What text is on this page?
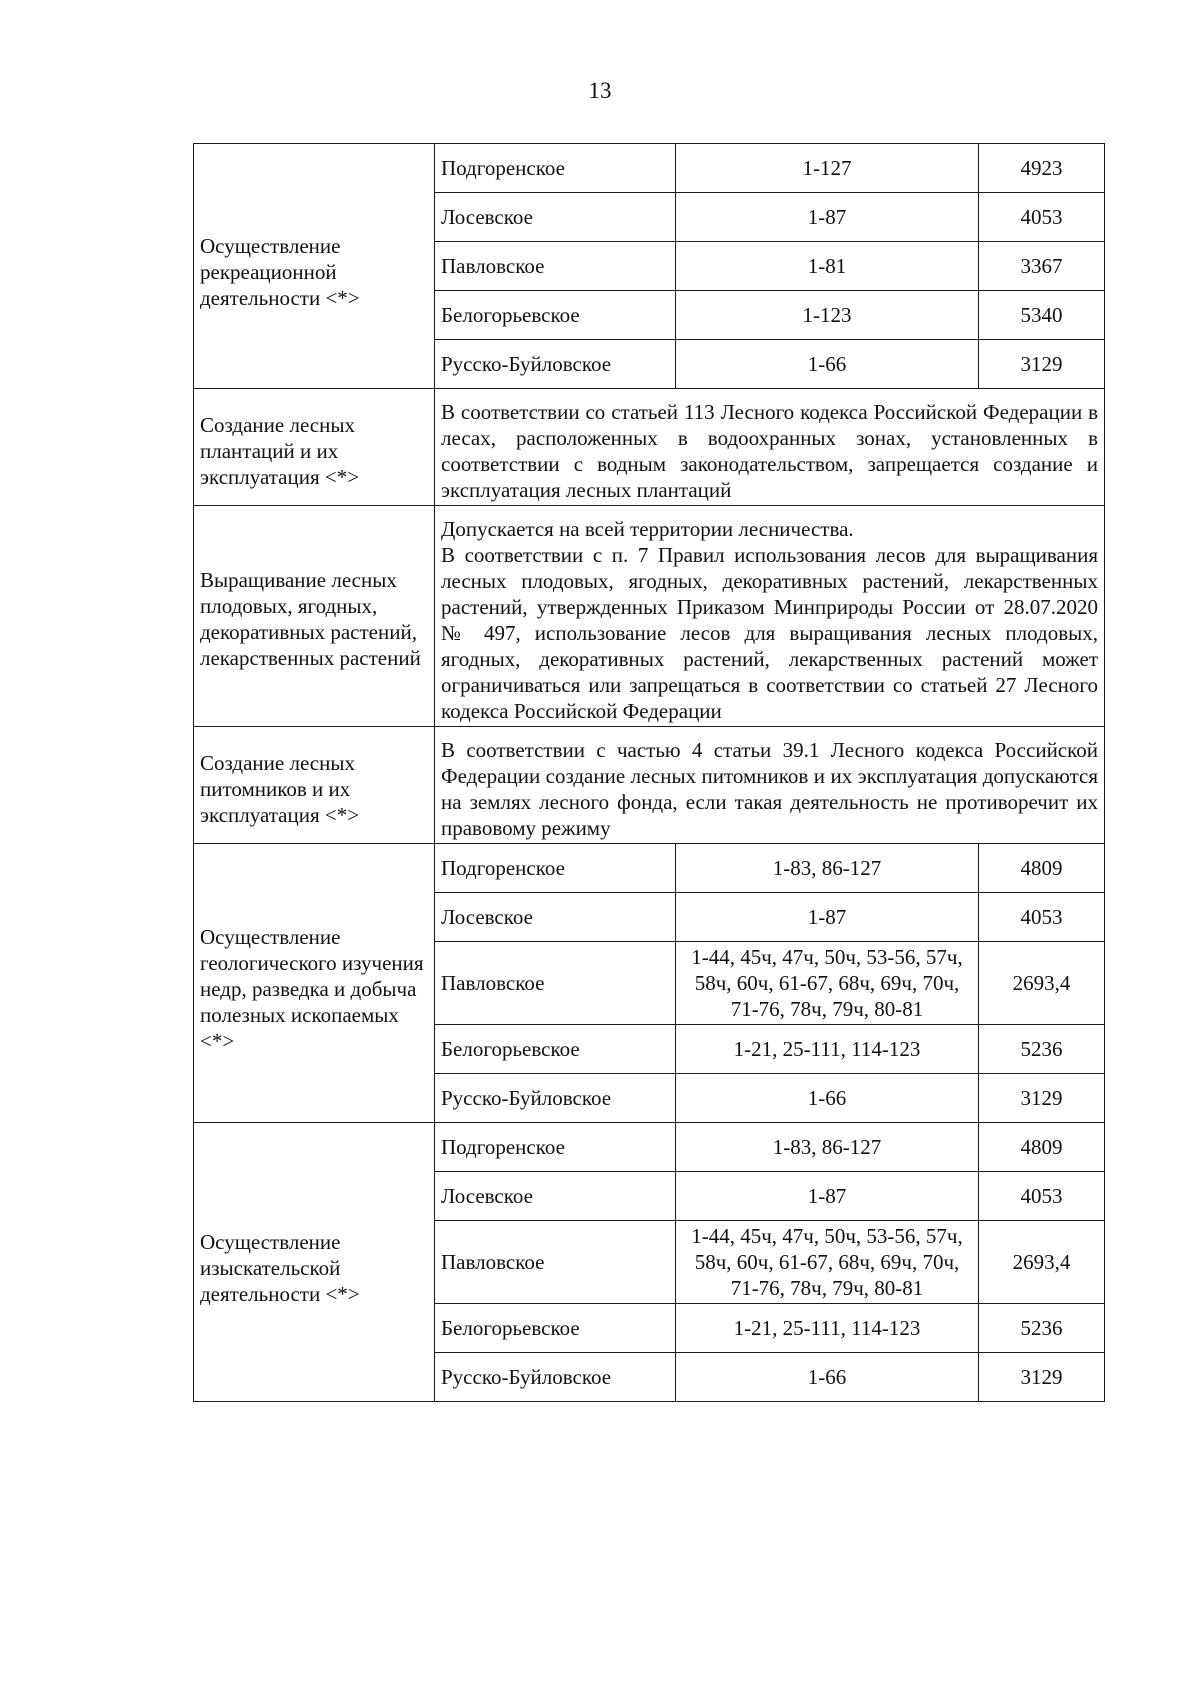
13
Осуществление рекреационной деятельности <*>	Подгоренское	1-127	4923
	Лосевское	1-87	4053
	Павловское	1-81	3367
	Белогорьевское	1-123	5340
	Русско-Буйловское	1-66	3129
Создание лесных плантаций и их эксплуатация <*>	В соответствии со статьей 113 Лесного кодекса Российской Федерации в лесах, расположенных в водоохранных зонах, установленных в соответствии с водным законодательством, запрещается создание и эксплуатация лесных плантаций		
Выращивание лесных плодовых, ягодных, декоративных растений, лекарственных растений	Допускается на всей территории лесничества.
В соответствии с п. 7 Правил использования лесов для выращивания лесных плодовых, ягодных, декоративных растений, лекарственных растений, утвержденных Приказом Минприроды России от 28.07.2020 № 497, использование лесов для выращивания лесных плодовых, ягодных, декоративных растений, лекарственных растений может ограничиваться или запрещаться в соответствии со статьей 27 Лесного кодекса Российской Федерации		

Создание лесных питомников и их эксплуатация <*>	В соответствии с частью 4 статьи 39.1 Лесного кодекса Российской Федерации создание лесных питомников и их эксплуатация допускаются на землях лесного фонда, если такая деятельность не противоречит их правовому режиму		
Осуществление геологического изучения недр, разведка и добыча полезных ископаемых <*>	Подгоренское	1-83, 86-127	4809
	Лосевское	1-87	4053
	Павловское	1-44, 45ч, 47ч, 50ч, 53-56, 57ч, 58ч, 60ч, 61-67, 68ч, 69ч, 70ч, 71-76, 78ч, 79ч, 80-81	2693,4
	Белогорьевское	1-21, 25-111, 114-123	5236
	Русско-Буйловское	1-66	3129
Осуществление изыскательской деятельности <*>	Подгоренское	1-83, 86-127	4809
	Лосевское	1-87	4053
	Павловское	1-44, 45ч, 47ч, 50ч, 53-56, 57ч, 58ч, 60ч, 61-67, 68ч, 69ч, 70ч, 71-76, 78ч, 79ч, 80-81	2693,4
	Белогорьевское	1-21, 25-111, 114-123	5236
	Русско-Буйловское	1-66	3129
